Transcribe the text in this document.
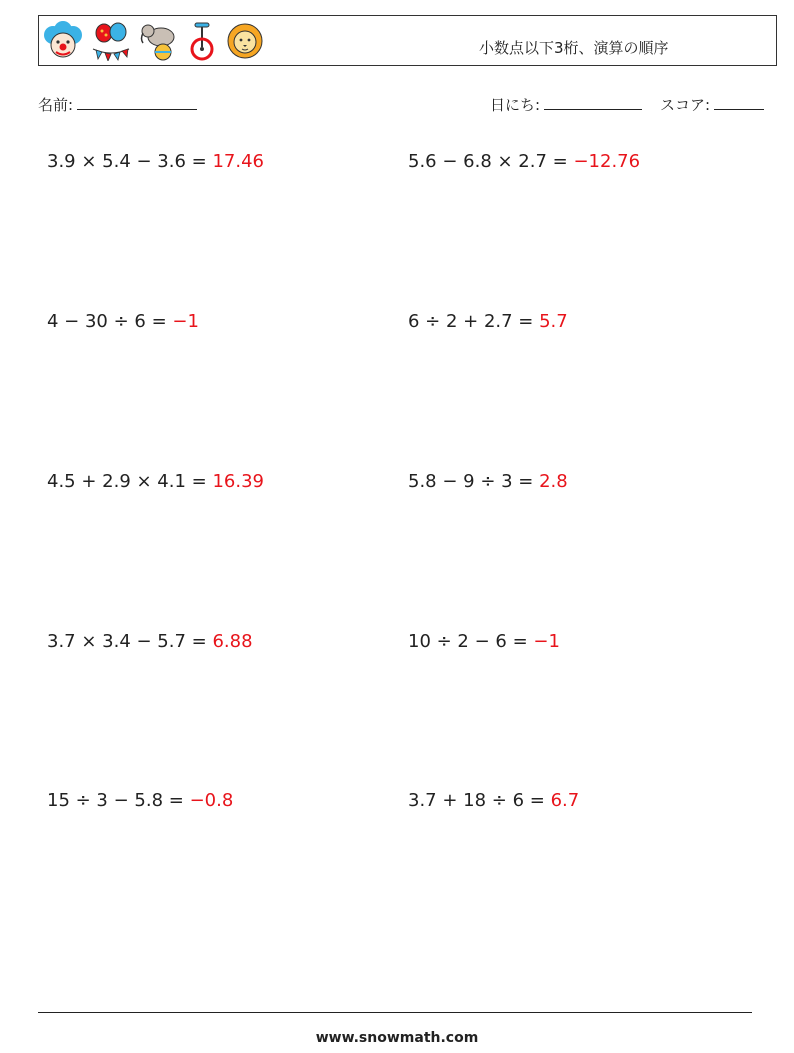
小数点以下3桁、演算の順序
名前:	日にち:	スコア:
3.9 × 5.4 − 3.6 = 17.46	5.6 − 6.8 × 2.7 = −12.76
4 − 30 ÷ 6 = −1	6 ÷ 2 + 2.7 = 5.7
4.5 + 2.9 × 4.1 = 16.39	5.8 − 9 ÷ 3 = 2.8
3.7 × 3.4 − 5.7 = 6.88	10 ÷ 2 − 6 = −1
15 ÷ 3 − 5.8 = −0.8	3.7 + 18 ÷ 6 = 6.7
www.snowmath.com
